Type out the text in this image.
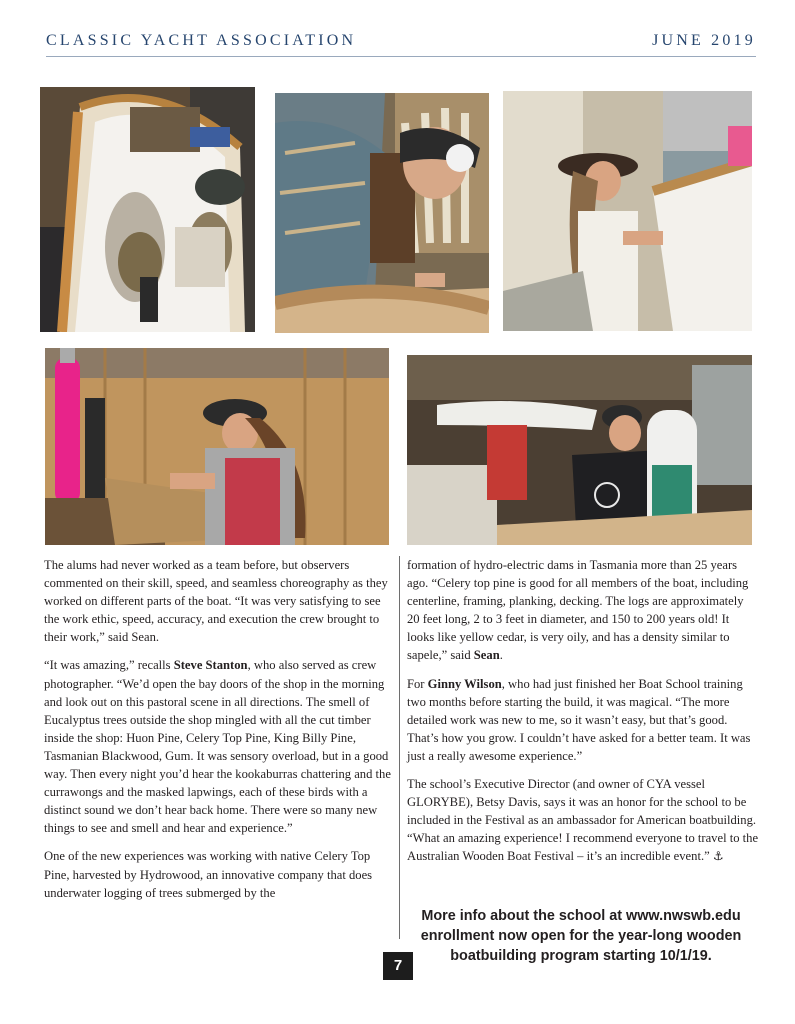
CLASSIC YACHT ASSOCIATION	JUNE 2019

The alums had never worked as a team before, but observers commented on their skill, speed, and seamless choreography as they worked on different parts of the boat. “It was very satisfying to see the work ethic, speed, accuracy, and execution the crew brought to their work,” said Sean.

“It was amazing,” recalls Steve Stanton, who also served as crew photographer. “We’d open the bay doors of the shop in the morning and look out on this pastoral scene in all directions. The smell of Eucalyptus trees outside the shop mingled with all the cut timber inside the shop: Huon Pine, Celery Top Pine, King Billy Pine, Tasmanian Blackwood, Gum. It was sensory overload, but in a good way. Then every night you’d hear the kookaburras chattering and the currawongs and the masked lapwings, each of these birds with a distinct sound we don’t hear back home. There were so many new things to see and smell and hear and experience.”

One of the new experiences was working with native Celery Top Pine, harvested by Hydrowood, an innovative company that does underwater logging of trees submerged by the

formation of hydro-electric dams in Tasmania more than 25 years ago. “Celery top pine is good for all members of the boat, including centerline, framing, planking, decking. The logs are approximately 20 feet long, 2 to 3 feet in diameter, and 150 to 200 years old! It looks like yellow cedar, is very oily, and has a density similar to sapele,” said Sean.

For Ginny Wilson, who had just finished her Boat School training two months before starting the build, it was magical. “The more detailed work was new to me, so it wasn’t easy, but that’s good. That’s how you grow. I couldn’t have asked for a better team. It was just a really awesome experience.”

The school’s Executive Director (and owner of CYA vessel GLORYBE), Betsy Davis, says it was an honor for the school to be included in the Festival as an ambassador for American boatbuilding. “What an amazing experience! I recommend everyone to travel to the Australian Wooden Boat Festival – it’s an incredible event.” ⚓

More info about the school at www.nwswb.edu
enrollment now open for the year-long wooden
boatbuilding program starting 10/1/19.
7
